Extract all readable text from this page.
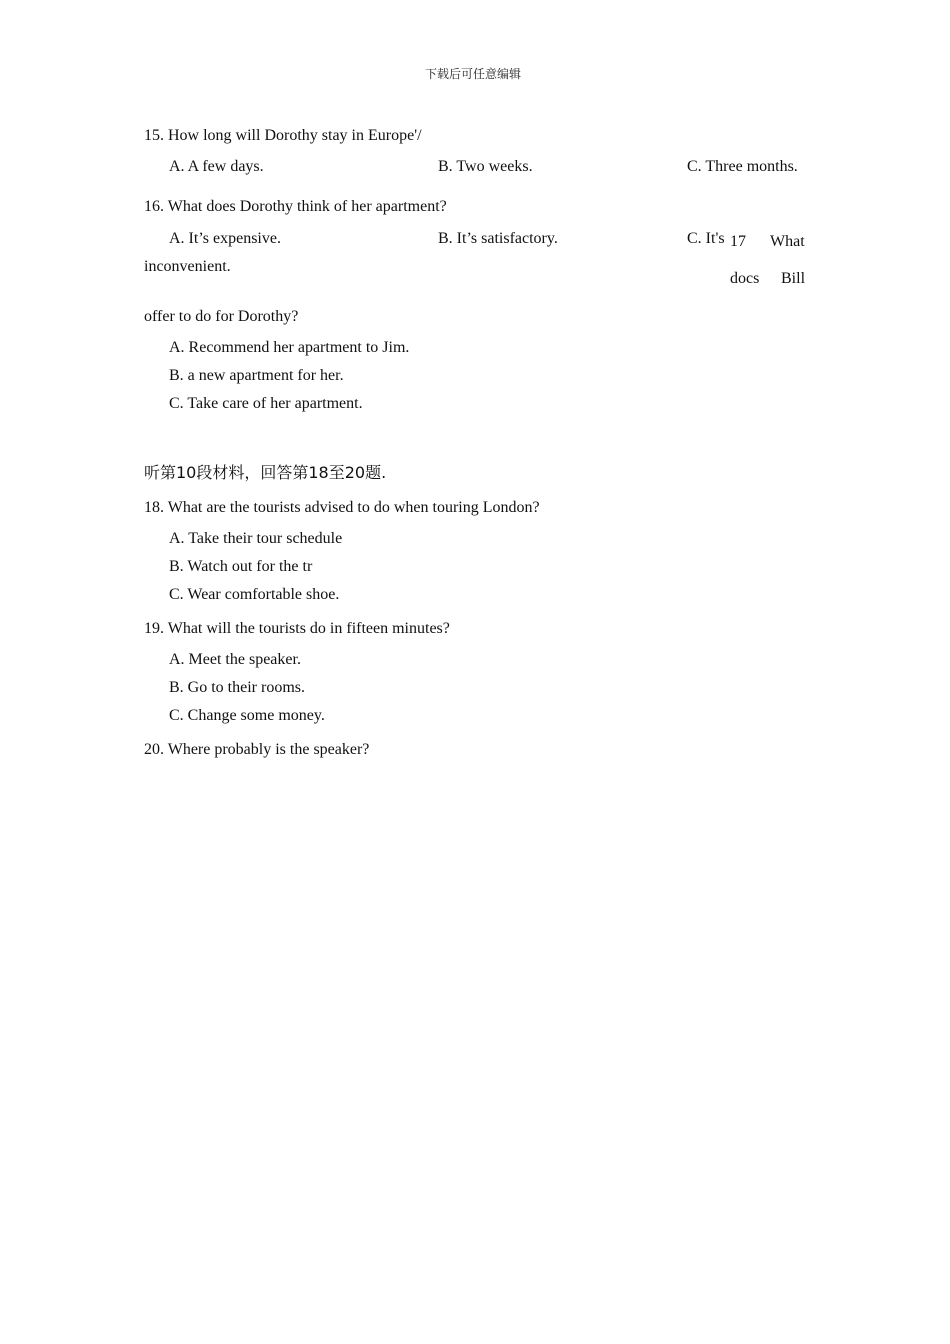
下载后可任意编辑
15. How long will Dorothy stay in Europe'/
A. A few days.	B. Two weeks.	C. Three months.
16. What does Dorothy think of her apartment?
A. It’s expensive.	B. It’s satisfactory.	C. It's
inconvenient.
17 What
docs Bill
offer to do for Dorothy?
A. Recommend her apartment to Jim.
B. a new apartment for her.
C. Take care of her apartment.
听第10段材料，回答第18至20题.
18. What are the tourists advised to do when touring London?
A. Take their tour schedule
B. Watch out for the tr
C. Wear comfortable shoe.
19. What will the tourists do in fifteen minutes?
A. Meet the speaker.
B. Go to their rooms.
C. Change some money.
20. Where probably is the speaker?
